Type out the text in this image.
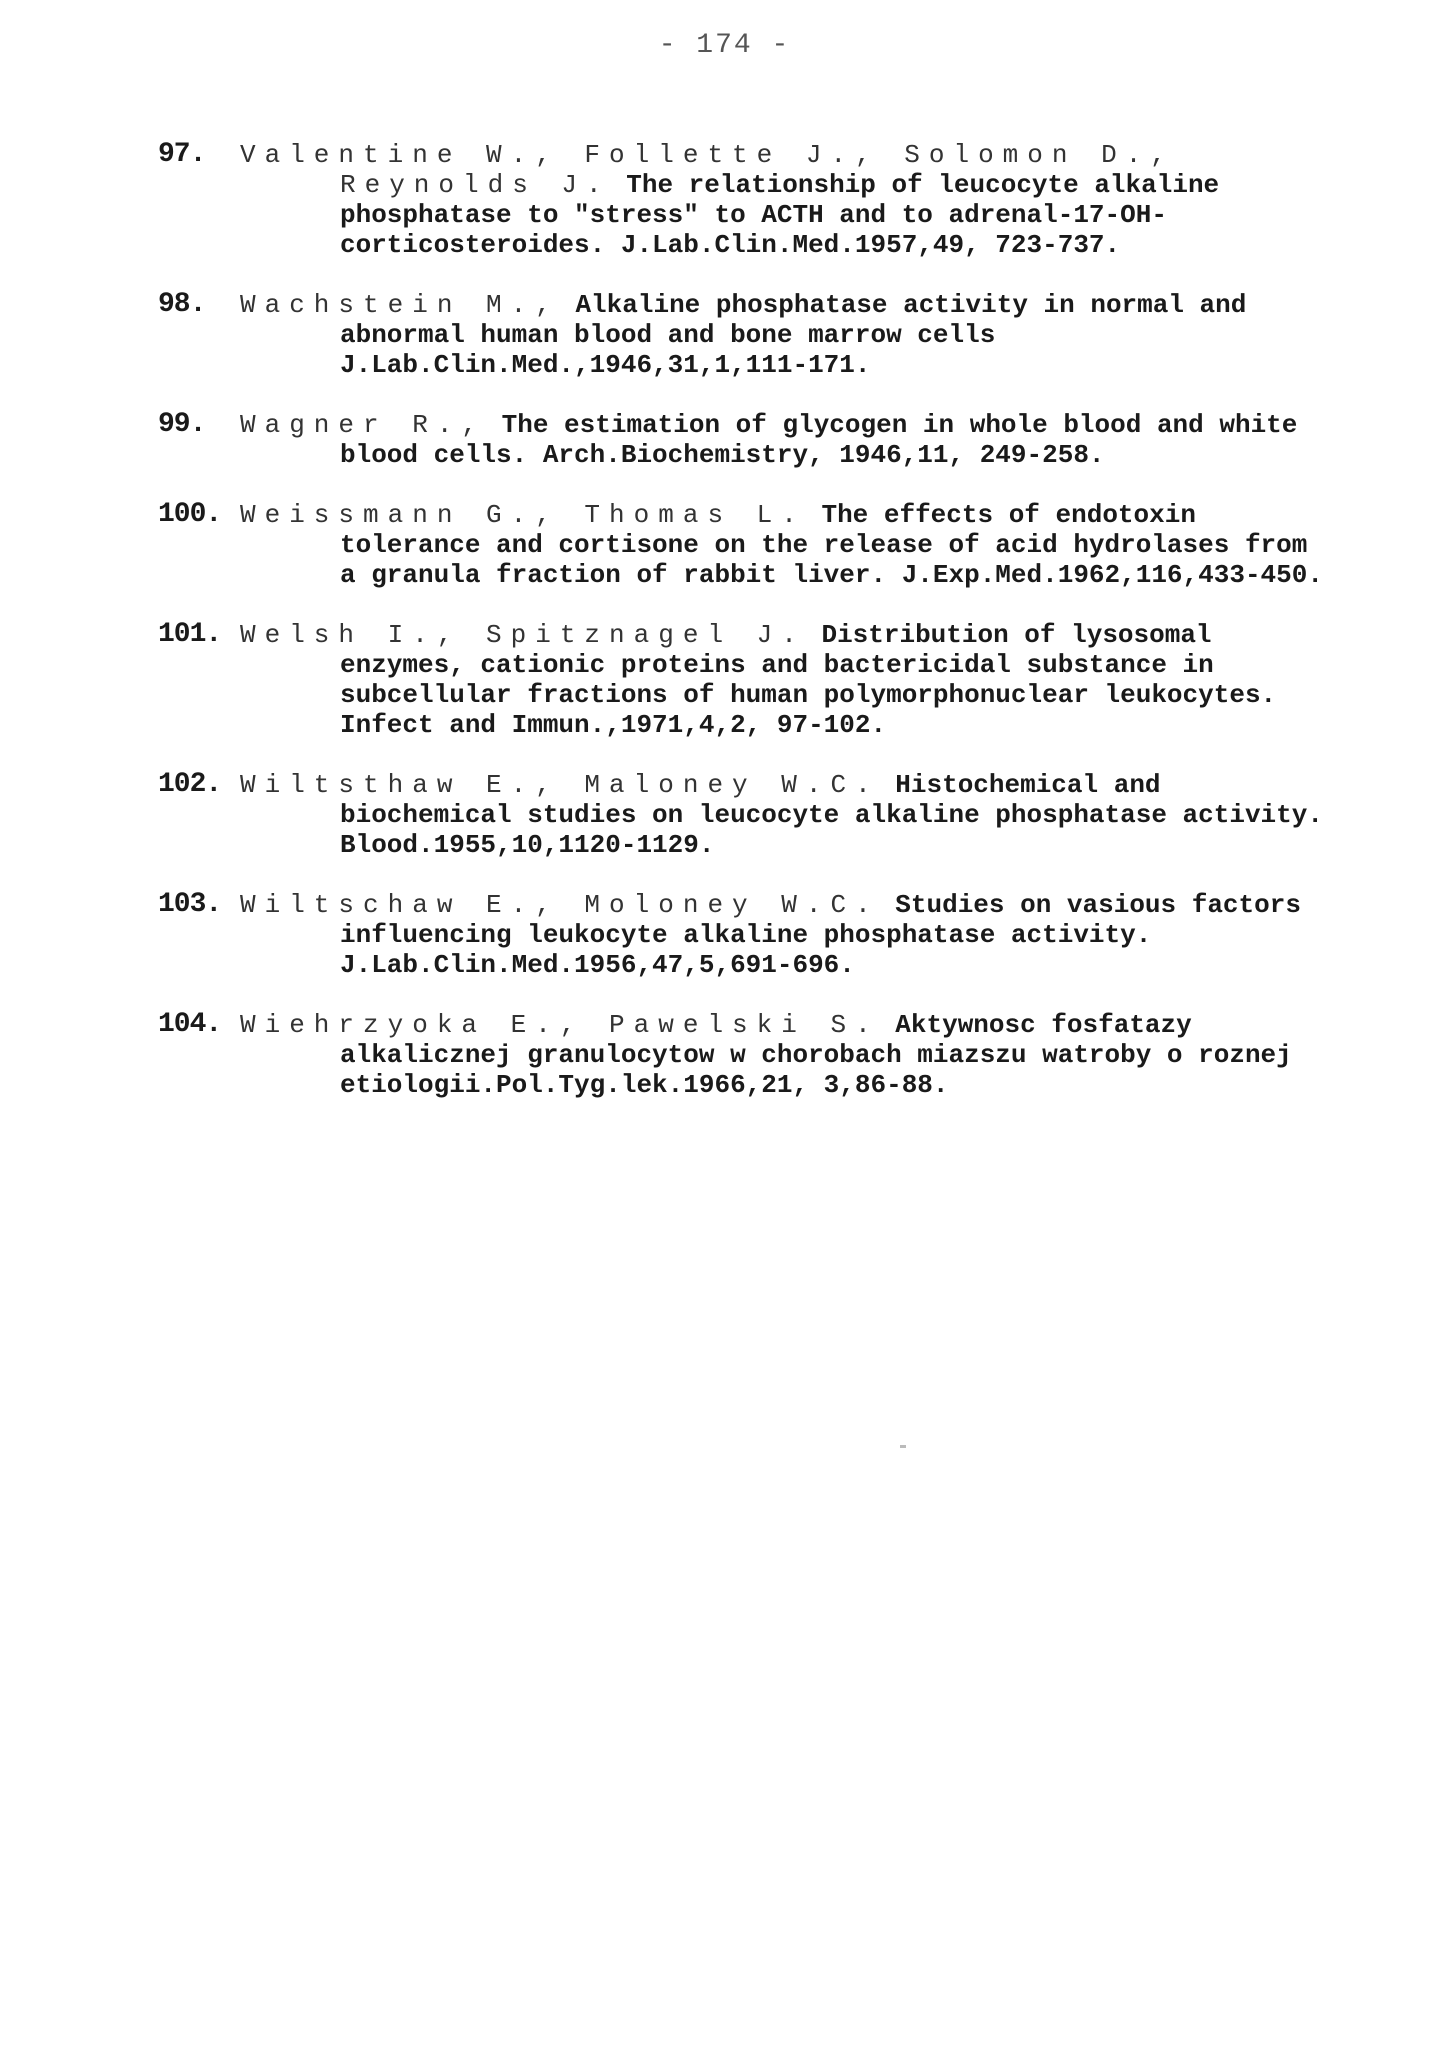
- 174 -
97.	Valentine W., Follette J., Solomon D., Reynolds J. The relationship of leucocyte alkaline phosphatase to "stress" to ACTH and to adrenal-17-OH-corticosteroides. J.Lab.Clin.Med.1957,49, 723-737.
98.	Wachstein M., Alkaline phosphatase activity in normal and abnormal human blood and bone marrow cells J.Lab.Clin.Med.,1946,31,1,111-171.
99.	Wagner R., The estimation of glycogen in whole blood and white blood cells. Arch.Biochemistry, 1946,11, 249-258.
100. Weissmann G., Thomas L. The effects of endotoxin tolerance and cortisone on the release of acid hydrolases from a granula fraction of rabbit liver. J.Exp.Med.1962,116,433-450.
101. Welsh I., Spitznagel J. Distribution of lysosomal enzymes, cationic proteins and bactericidal substance in subcellular fractions of human polymorphonuclear leukocytes. Infect and Immun.,1971,4,2, 97-102.
102. Wiltsthaw E., Maloney W.C. Histochemical and biochemical studies on leucocyte alkaline phosphatase activity. Blood.1955,10,1120-1129.
103. Wiltschaw E., Moloney W.C. Studies on vasious factors influencing leukocyte alkaline phosphatase activity. J.Lab.Clin.Med.1956,47,5,691-696.
104. Wiehrzyoka E., Pawelski S. Aktywnosc fosfatazy alkalicznej granulocytow w chorobach miazszu watroby o roznej etiologii.Pol.Tyg.lek.1966,21, 3,86-88.
